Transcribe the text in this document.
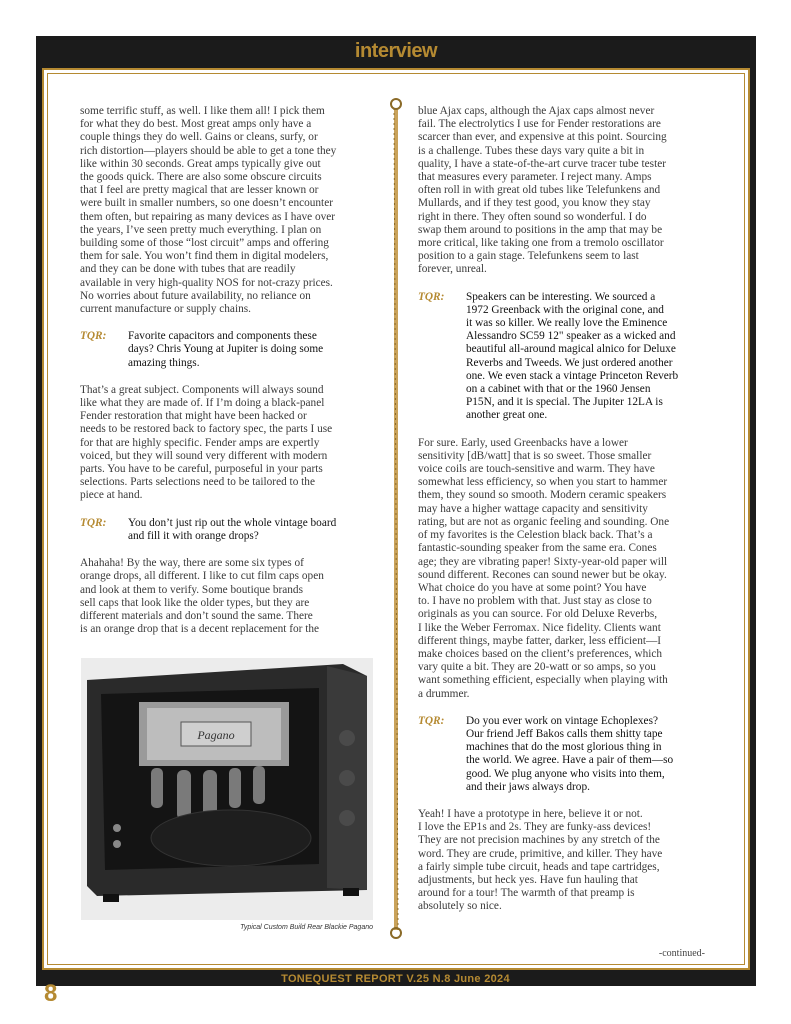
interview

some terrific stuff, as well. I like them all! I pick them
for what they do best. Most great amps only have a
couple things they do well. Gains or cleans, surfy, or
rich distortion—players should be able to get a tone they
like within 30 seconds. Great amps typically give out
the goods quick. There are also some obscure circuits
that I feel are pretty magical that are lesser known or
were built in smaller numbers, so one doesn’t encounter
them often, but repairing as many devices as I have over
the years, I’ve seen pretty much everything. I plan on
building some of those “lost circuit” amps and offering
them for sale. You won’t find them in digital modelers,
and they can be done with tubes that are readily
available in very high-quality NOS for not-crazy prices.
No worries about future availability, no reliance on
current manufacture or supply chains.

TQR:	Favorite capacitors and components these
days? Chris Young at Jupiter is doing some
amazing things.

That’s a great subject. Components will always sound
like what they are made of. If I’m doing a black-panel
Fender restoration that might have been hacked or
needs to be restored back to factory spec, the parts I use
for that are highly specific. Fender amps are expertly
voiced, but they will sound very different with modern
parts. You have to be careful, purposeful in your parts
selections. Parts selections need to be tailored to the
piece at hand.

TQR:	You don’t just rip out the whole vintage board
and fill it with orange drops?

Ahahaha! By the way, there are some six types of
orange drops, all different. I like to cut film caps open
and look at them to verify. Some boutique brands
sell caps that look like the older types, but they are
different materials and don’t sound the same. There
is an orange drop that is a decent replacement for the

Pagano
Typical Custom Build Rear Blackie Pagano

blue Ajax caps, although the Ajax caps almost never
fail. The electrolytics I use for Fender restorations are
scarcer than ever, and expensive at this point. Sourcing
is a challenge. Tubes these days vary quite a bit in
quality, I have a state-of-the-art curve tracer tube tester
that measures every parameter. I reject many. Amps
often roll in with great old tubes like Telefunkens and
Mullards, and if they test good, you know they stay
right in there. They often sound so wonderful. I do
swap them around to positions in the amp that may be
more critical, like taking one from a tremolo oscillator
position to a gain stage. Telefunkens seem to last
forever, unreal.

TQR:	Speakers can be interesting. We sourced a
1972 Greenback with the original cone, and
it was so killer. We really love the Eminence
Alessandro SC59 12" speaker as a wicked and
beautiful all-around magical alnico for Deluxe
Reverbs and Tweeds. We just ordered another
one. We even stack a vintage Princeton Reverb
on a cabinet with that or the 1960 Jensen
P15N, and it is special. The Jupiter 12LA is
another great one.

For sure. Early, used Greenbacks have a lower
sensitivity [dB/watt] that is so sweet. Those smaller
voice coils are touch-sensitive and warm. They have
somewhat less efficiency, so when you start to hammer
them, they sound so smooth. Modern ceramic speakers
may have a higher wattage capacity and sensitivity
rating, but are not as organic feeling and sounding. One
of my favorites is the Celestion black back. That’s a
fantastic-sounding speaker from the same era. Cones
age; they are vibrating paper! Sixty-year-old paper will
sound different. Recones can sound newer but be okay.
What choice do you have at some point? You have
to. I have no problem with that. Just stay as close to
originals as you can source. For old Deluxe Reverbs,
I like the Weber Ferromax. Nice fidelity. Clients want
different things, maybe fatter, darker, less efficient—I
make choices based on the client’s preferences, which
vary quite a bit. They are 20-watt or so amps, so you
want something efficient, especially when playing with
a drummer.

TQR:	Do you ever work on vintage Echoplexes?
Our friend Jeff Bakos calls them shitty tape
machines that do the most glorious thing in
the world. We agree. Have a pair of them—so
good. We plug anyone who visits into them,
and their jaws always drop.

Yeah! I have a prototype in here, believe it or not.
I love the EP1s and 2s. They are funky-ass devices!
They are not precision machines by any stretch of the
word. They are crude, primitive, and killer. They have
a fairly simple tube circuit, heads and tape cartridges,
adjustments, but heck yes. Have fun hauling that
around for a tour! The warmth of that preamp is
absolutely so nice.

-continued-
TONEQUEST REPORT V.25 N.8 June 2024
8
